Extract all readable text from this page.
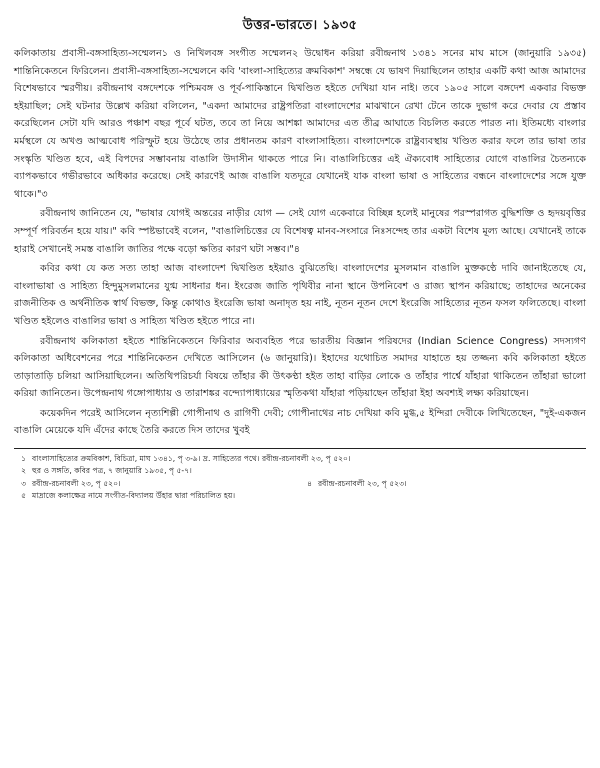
উত্তর-ভারতে। ১৯৩৫

কলিকাতায় প্রবাসী-বঙ্গসাহিত্য-সম্মেলন১ ও নিখিলবঙ্গ সংগীত সম্মেলন২ উদ্বোধন করিয়া রবীন্দ্রনাথ ১৩৪১ সনের মাঘ মাসে (জানুয়ারি ১৯৩৫) শান্তিনিকেতনে ফিরিলেন। প্রবাসী-বঙ্গসাহিত্য-সম্মেলনে কবি 'বাংলা-সাহিত্যের ক্রমবিকাশ' সম্বন্ধে যে ভাষণ দিয়াছিলেন তাহার একটি কথা আজ আমাদের বিশেষভাবে স্মরণীয়। রবীন্দ্রনাথ বঙ্গদেশকে পশ্চিমবঙ্গ ও পূর্ব-পাকিস্তানে দ্বিখণ্ডিত হইতে দেখিয়া যান নাই। তবে ১৯০৫ সালে বঙ্গদেশ একবার বিভক্ত হইয়াছিল; সেই ঘটনার উল্লেখ করিয়া বলিলেন, "একদা আমাদের রাষ্ট্রপতিরা বাংলাদেশের মাঝখানে রেখা টেনে তাকে দুভাগ করে দেবার যে প্রস্তাব করেছিলেন সেটা যদি আরও পঞ্চাশ বছর পূর্বে ঘটত, তবে তা নিয়ে আশঙ্কা আমাদের এত তীব্র আঘাতে বিচলিত করতে পারত না। ইতিমধ্যে বাংলার মর্মস্থলে যে অখণ্ড আত্মবোধ পরিস্ফুট হয়ে উঠেছে তার প্রধানতম কারণ বাংলাসাহিত্য। বাংলাদেশকে রাষ্ট্রব্যবস্থায় খণ্ডিত করার ফলে তার ভাষা তার সংস্কৃতি খণ্ডিত হবে, এই বিপদের সম্ভাবনায় বাঙালি উদাসীন থাকতে পারে নি। বাঙালিচিত্তের এই ঐক্যবোধ সাহিত্যের যোগে বাঙালির চৈতন্যকে ব্যাপকভাবে গভীরভাবে অধিকার করেছে। সেই কারণেই আজ বাঙালি যতদূরে যেখানেই যাক বাংলা ভাষা ও সাহিত্যের বন্ধনে বাংলাদেশের সঙ্গে যুক্ত থাকে।"৩

রবীন্দ্রনাথ জানিতেন যে, "ভাষার যোগই অন্তরের নাড়ীর যোগ — সেই যোগ একেবারে বিচ্ছিন্ন হলেই মানুষের পরস্পরাগত বুদ্ধিশক্তি ও হৃদয়বৃত্তির সম্পূর্ণ পরিবর্তন হয়ে যায়।" কবি স্পষ্টভাবেই বলেন, "বাঙালিচিত্তের যে বিশেষত্ব মানব-সংসারে নিঃসন্দেহ তার একটা বিশেষ মূল্য আছে। যেখানেই তাকে হারাই সেখানেই সমস্ত বাঙালি জাতির পক্ষে বড়ো ক্ষতির কারণ ঘটা সম্ভব।"৪

কবির কথা যে কত সত্য তাহা আজ বাংলাদেশ দ্বিখণ্ডিত হইয়াও বুঝিতেছি। বাংলাদেশের মুসলমান বাঙালি মুক্তকণ্ঠে দাবি জানাইতেছে যে, বাংলাভাষা ও সাহিত্য হিন্দুমুসলমানের যুগ্ম সাধনার ধন। ইংরেজ জাতি পৃথিবীর নানা স্থানে উপনিবেশ ও রাজ্য স্থাপন করিয়াছে; তাহাদের অনেকের রাজনীতিক ও অর্থনীতিক স্বার্থ বিভক্ত, কিন্তু কোথাও ইংরেজি ভাষা অনাদৃত হয় নাই, নূতন নূতন দেশে ইংরেজি সাহিত্যের নূতন ফসল ফলিতেছে। বাংলা খণ্ডিত হইলেও বাঙালির ভাষা ও সাহিত্য খণ্ডিত হইতে পারে না।

রবীন্দ্রনাথ কলিকাতা হইতে শান্তিনিকেতনে ফিরিবার অব্যবহিত পরে ভারতীয় বিজ্ঞান পরিষদের (Indian Science Congress) সদস্যগণ কলিকাতা অধিবেশনের পরে শান্তিনিকেতন দেখিতে আসিলেন (৬ জানুয়ারি)। ইহাদের যথোচিত সমাদর যাহাতে হয় তজ্জন্য কবি কলিকাতা হইতে তাড়াতাড়ি চলিয়া আসিয়াছিলেন। অতিথিপরিচর্যা বিষয়ে তাঁহার কী উৎকণ্ঠা হইত তাহা বাড়ির লোকে ও তাঁহার পার্শ্বে যাঁহারা থাকিতেন তাঁহারা ভালো করিয়া জানিতেন। উপেন্দ্রনাথ গঙ্গোপাধ্যায় ও তারাশঙ্কর বন্দ্যোপাধ্যায়ের স্মৃতিকথা যাঁহারা পড়িয়াছেন তাঁহারা ইহা অবশ্যই লক্ষ্য করিয়াছেন।

কয়েকদিন পরেই আসিলেন নৃত্যশিল্পী গোপীনাথ ও রাগিণী দেবী; গোপীনাথের নাচ দেখিয়া কবি মুগ্ধ,৫ ইন্দিরা দেবীকে লিখিতেছেন, "দুই-একজন বাঙালি মেয়েকে যদি এঁদের কাছে তৈরি করতে দিস তাদের খুবই

১ বাংলাসাহিত্যের ক্রমবিকাশ, বিচিত্রা, মাঘ ১৩৪১, পৃ ৩-৯। দ্র. সাহিত্যের পথে। রবীন্দ্র-রচনাবলী ২৩, পৃ ৫২০।
২ হুর ও সঙ্গতি, কবির পত্র, ৭ জানুয়ারি ১৯৩৫, পৃ ৫-৭।
৩ রবীন্দ্র-রচনাবলী ২৩, পৃ ৫২০।	৪ রবীন্দ্র-রচনাবলী ২৩, পৃ ৫২৩।
৫ মাদ্রাজে কলাক্ষেত্র নামে সংগীত-বিদ্যালয় উঁহার দ্বারা পরিচালিত হয়।
